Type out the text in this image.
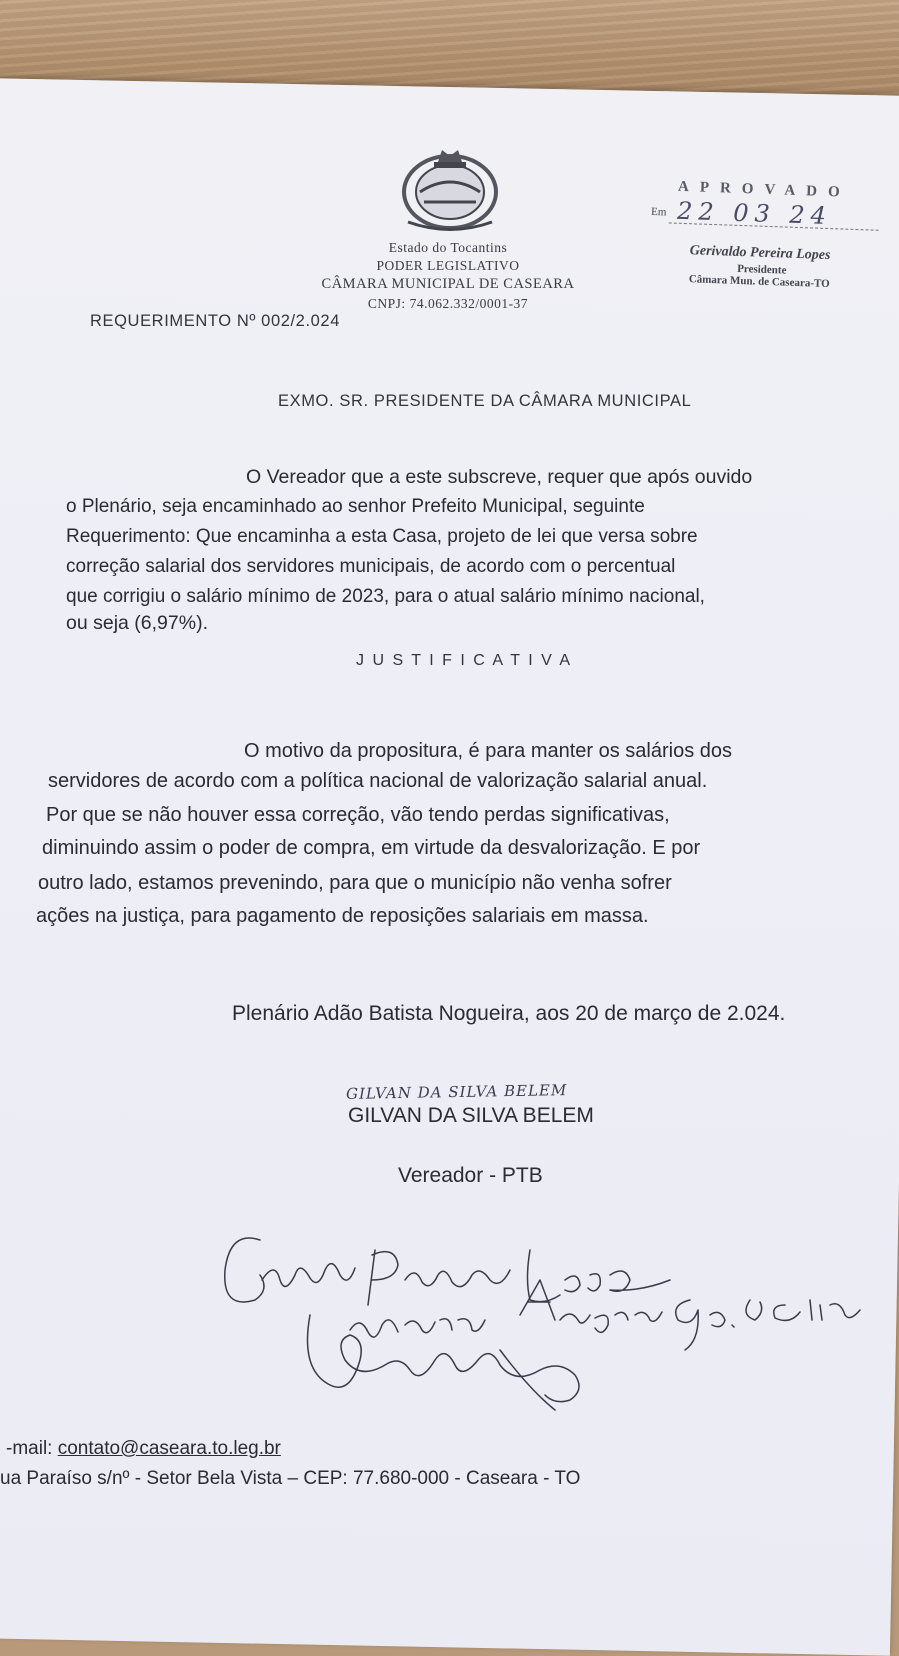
Estado do Tocantins
PODER LEGISLATIVO
CÂMARA MUNICIPAL DE CASEARA
CNPJ: 74.062.332/0001-37
APROVADO
Em 22 03 24
Gerivaldo Pereira Lopes
Presidente
Câmara Mun. de Caseara-TO
REQUERIMENTO Nº 002/2.024
EXMO. SR. PRESIDENTE DA CÂMARA MUNICIPAL
O Vereador que a este subscreve, requer que após ouvido
o Plenário, seja encaminhado ao senhor Prefeito Municipal, seguinte
Requerimento: Que encaminha a esta Casa, projeto de lei que versa sobre
correção salarial dos servidores municipais, de acordo com o percentual
que corrigiu o salário mínimo de 2023, para o atual salário mínimo nacional,
ou seja (6,97%).
J U S T I F I C A T I V A
O motivo da propositura, é para manter os salários dos
servidores de acordo com a política nacional de valorização salarial anual.
Por que se não houver essa correção, vão tendo perdas significativas,
diminuindo assim o poder de compra, em virtude da desvalorização. E por
outro lado, estamos prevenindo, para que o município não venha sofrer
ações na justiça, para pagamento de reposições salariais em massa.
Plenário Adão Batista Nogueira, aos 20 de março de 2.024.
GILVAN DA SILVA BELEM
GILVAN DA SILVA BELEM
Vereador - PTB
-mail: contato@caseara.to.leg.br
ua Paraíso s/nº - Setor Bela Vista – CEP: 77.680-000 - Caseara - TO
